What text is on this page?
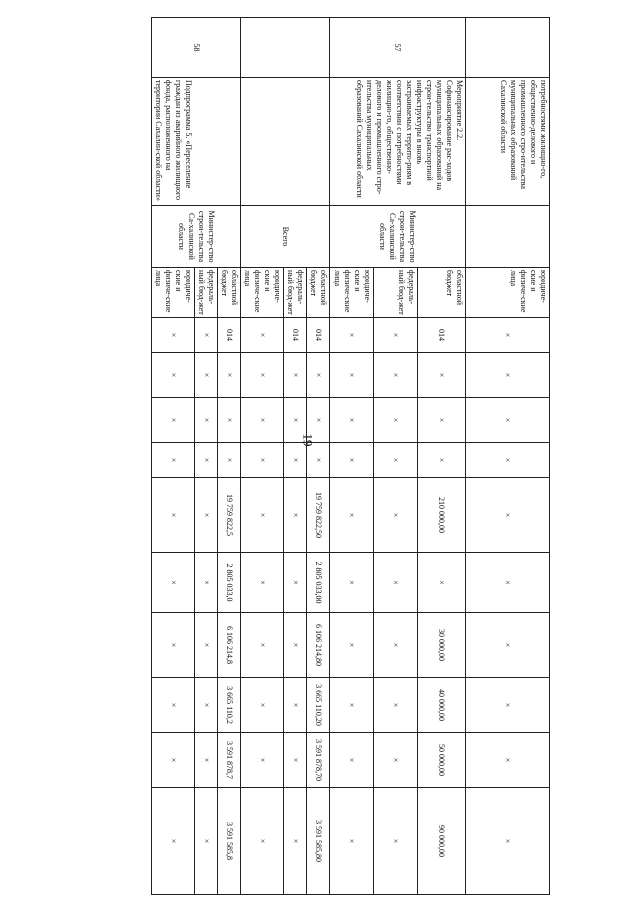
19
	потребностями жилищно-го, общественно-делового и промышленного стро-ительства муниципальных образований Сахалинской области		юридиче-ские и физиче-ские лица	×	×	×	×	×	×	×	×	×	×
57	Мероприятие 2.2. Софинансирование рас-ходов муниципальных образований на строи-тельство транспортной инфраструктуры в вновь застраиваемых террито-риям в соответствии с потребностями жилищно-го, общественно-делового и промышленного стро-ительства муниципальных образований Сахалинской области	Министер-ство строи-тельства Са-халинской области	областной бюджет	014	×	×	×	210 000,00	×	30 000,00	40 000,00	50 000,00	90 000,00
			федераль-ный бюд-жет	×	×	×	×	×	×	×	×	×	×
			юридиче-ские и физиче-ские лица	×	×	×	×	×	×	×	×	×	×
		Всего	областной бюджет	014	×	×	×	19 759 822,50	2 805 033,00	6 106 214,80	3 665 110,20	3 591 878,70	3 591 585,80
			федераль-ный бюд-жет	014	×	×	×	×	×	×	×	×	×
			юридиче-ские и физиче-ские лица	×	×	×	×	×	×	×	×	×	×
58	Подпрограмма 5. «Переселение граждан из аварийного жилищного фонда, расположенного на территории Сахалин-ской области»	Министер-ство строи-тельства Са-халинской области	областной бюджет	014	×	×	×	19 759 822,5	2 805 033,0	6 106 214,8	3 665 110,2	3 591 878,7	3 591 585,8
			федераль-ный бюд-жет	×	×	×	×	×	×	×	×	×	×
			юридиче-ские и физиче-ские лица	×	×	×	×	×	×	×	×	×	×
